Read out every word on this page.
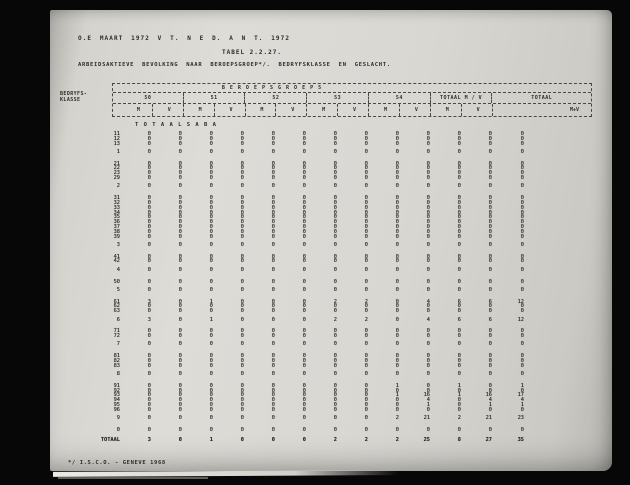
O.E MAART 1972 V T. N E D. A N T. 1972
TABEL 2.2.27.
ARBEIDSAKTIEVE BEVOLKING NAAR BEROEPSGROEP*/. BEDRYFSKLASSE EN GESLACHT.
BEDRYFS-
KLASSE
B E R O E P S G R O E P 5
50	51	52	53	54	TOTAAL M / V	TOTAAL
M	V	M	V	M	V	M	V	M	V	M	V	M+V
T O T A A L S A B A
11	0	0	0	0	0	0	0	0	0	0	0	0	0
12	0	0	0	0	0	0	0	0	0	0	0	0	0
13	0	0	0	0	0	0	0	0	0	0	0	0	0
1	0	0	0	0	0	0	0	0	0	0	0	0	0
21	0	0	0	0	0	0	0	0	0	0	0	0	0
22	0	0	0	0	0	0	0	0	0	0	0	0	0
23	0	0	0	0	0	0	0	0	0	0	0	0	0
29	0	0	0	0	0	0	0	0	0	0	0	0	0
2	0	0	0	0	0	0	0	0	0	0	0	0	0
31	0	0	0	0	0	0	0	0	0	0	0	0	0
32	0	0	0	0	0	0	0	0	0	0	0	0	0
33	0	0	0	0	0	0	0	0	0	0	0	0	0
34	0	0	0	0	0	0	0	0	0	0	0	0	0
35	0	0	0	0	0	0	0	0	0	0	0	0	0
36	0	0	0	0	0	0	0	0	0	0	0	0	0
37	0	0	0	0	0	0	0	0	0	0	0	0	0
38	0	0	0	0	0	0	0	0	0	0	0	0	0
39	0	0	0	0	0	0	0	0	0	0	0	0	0
3	0	0	0	0	0	0	0	0	0	0	0	0	0
41	0	0	0	0	0	0	0	0	0	0	0	0	0
42	0	0	0	0	0	0	0	0	0	0	0	0	0
4	0	0	0	0	0	0	0	0	0	0	0	0	0
50	0	0	0	0	0	0	0	0	0	0	0	0	0
5	0	0	0	0	0	0	0	0	0	0	0	0	0
61	3	0	1	0	0	0	2	2	0	4	6	6	12
62	0	0	0	0	0	0	0	0	0	0	0	0	0
63	0	0	0	0	0	0	0	0	0	0	0	0	0
6	3	0	1	0	0	0	2	2	0	4	6	6	12
71	0	0	0	0	0	0	0	0	0	0	0	0	0
72	0	0	0	0	0	0	0	0	0	0	0	0	0
7	0	0	0	0	0	0	0	0	0	0	0	0	0
81	0	0	0	0	0	0	0	0	0	0	0	0	0
82	0	0	0	0	0	0	0	0	0	0	0	0	0
83	0	0	0	0	0	0	0	0	0	0	0	0	0
8	0	0	0	0	0	0	0	0	0	0	0	0	0
91	0	0	0	0	0	0	0	0	1	0	1	0	1
92	0	0	0	0	0	0	0	0	0	0	0	0	0
93	0	0	0	0	0	0	0	0	1	16	1	16	17
94	0	0	0	0	0	0	0	0	0	4	0	4	4
95	0	0	0	0	0	0	0	0	0	1	0	1	1
96	0	0	0	0	0	0	0	0	0	0	0	0	0
9	0	0	0	0	0	0	0	0	2	21	2	21	23
0	0	0	0	0	0	0	0	0	0	0	0	0	0
TOTAAL	3	0	1	0	0	0	2	2	2	25	8	27	35
*/ I.S.C.O. - GENEVE 1968
